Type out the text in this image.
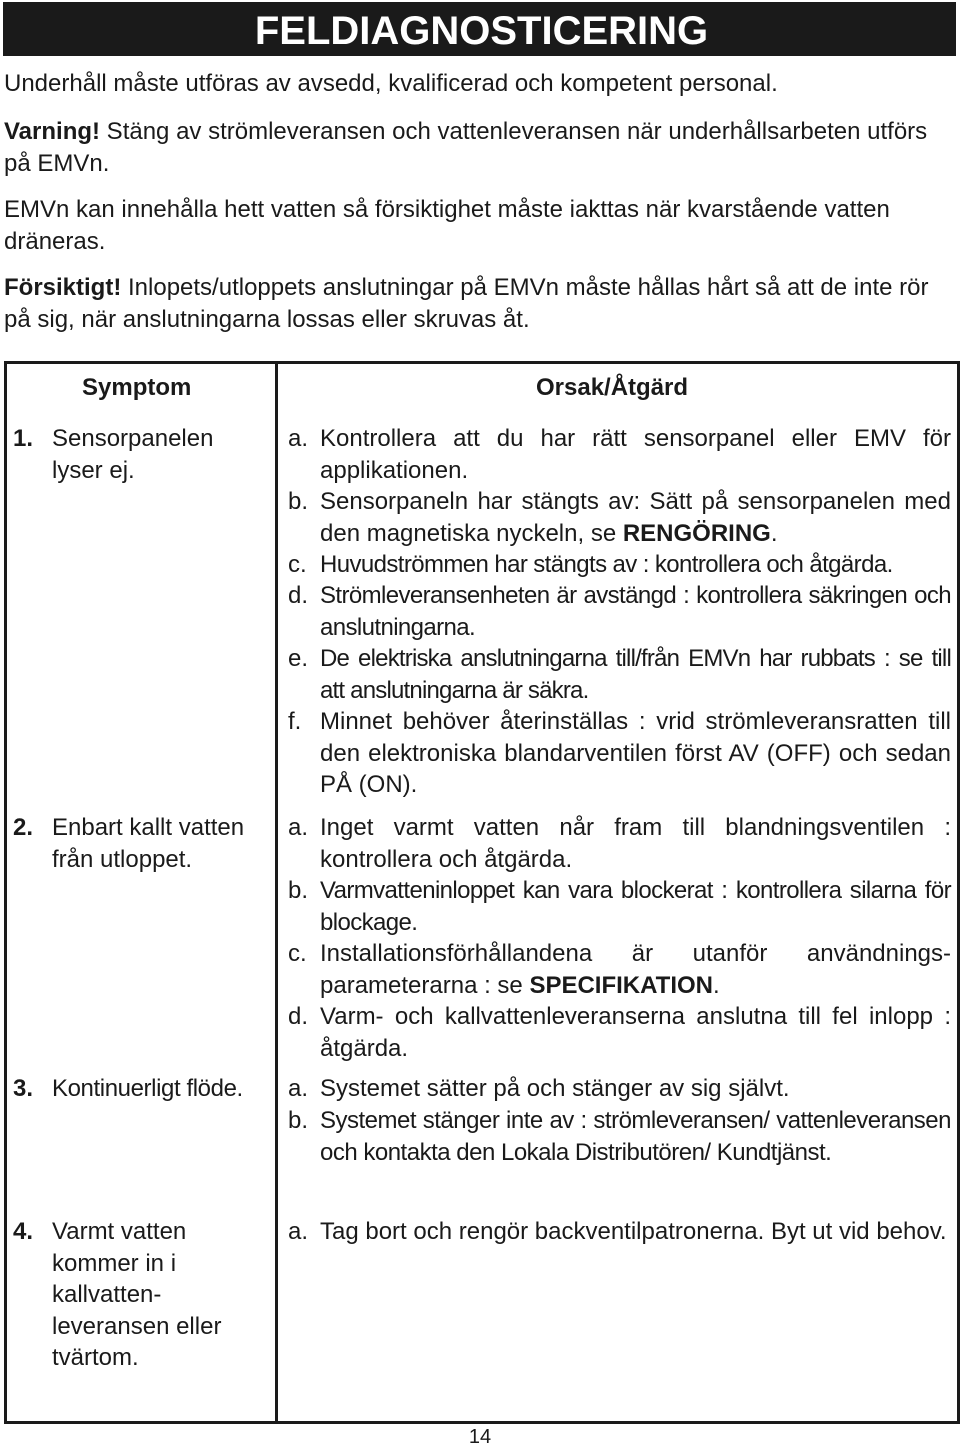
FELDIAGNOSTICERING
Underhåll måste utföras av avsedd, kvalificerad och kompetent personal.
Varning! Stäng av strömleveransen och vattenleveransen när underhållsarbeten utförs på EMVn.
EMVn kan innehålla hett vatten så försiktighet måste iakttas när kvarstående vatten dräneras.
Försiktigt! Inlopets/utloppets anslutningar på EMVn måste hållas hårt så att de inte rör på sig, när anslutningarna lossas eller skruvas åt.
Symptom	Orsak/Åtgärd
1. Sensorpanelen lyser ej.
a. Kontrollera att du har rätt sensorpanel eller EMV för applikationen.
b. Sensorpaneln har stängts av: Sätt på sensorpanelen med den magnetiska nyckeln, se RENGÖRING.
c. Huvudströmmen har stängts av : kontrollera och åtgärda.
d. Strömleveransenheten är avstängd : kontrollera säkringen och anslutningarna.
e. De elektriska anslutningarna till/från EMVn har rubbats : se till att anslutningarna är säkra.
f. Minnet behöver återinställas : vrid strömleveransratten till den elektroniska blandarventilen först AV (OFF) och sedan PÅ (ON).
2. Enbart kallt vatten från utloppet.
a. Inget varmt vatten når fram till blandningsventilen : kontrollera och åtgärda.
b. Varmvatteninloppet kan vara blockerat : kontrollera silarna för blockage.
c. Installationsförhållandena är utanför användnings-parameterarna : se SPECIFIKATION.
d. Varm- och kallvattenleveranserna anslutna till fel inlopp : åtgärda.
3. Kontinuerligt flöde.	a. Systemet sätter på och stänger av sig självt.
b. Systemet stänger inte av : strömleveransen/ vattenleveransen och kontakta den Lokala Distributören/ Kundtjänst.
4. Varmt vatten kommer in i kallvatten-leveransen eller tvärtom.
a. Tag bort och rengör backventilpatronerna. Byt ut vid behov.
14
